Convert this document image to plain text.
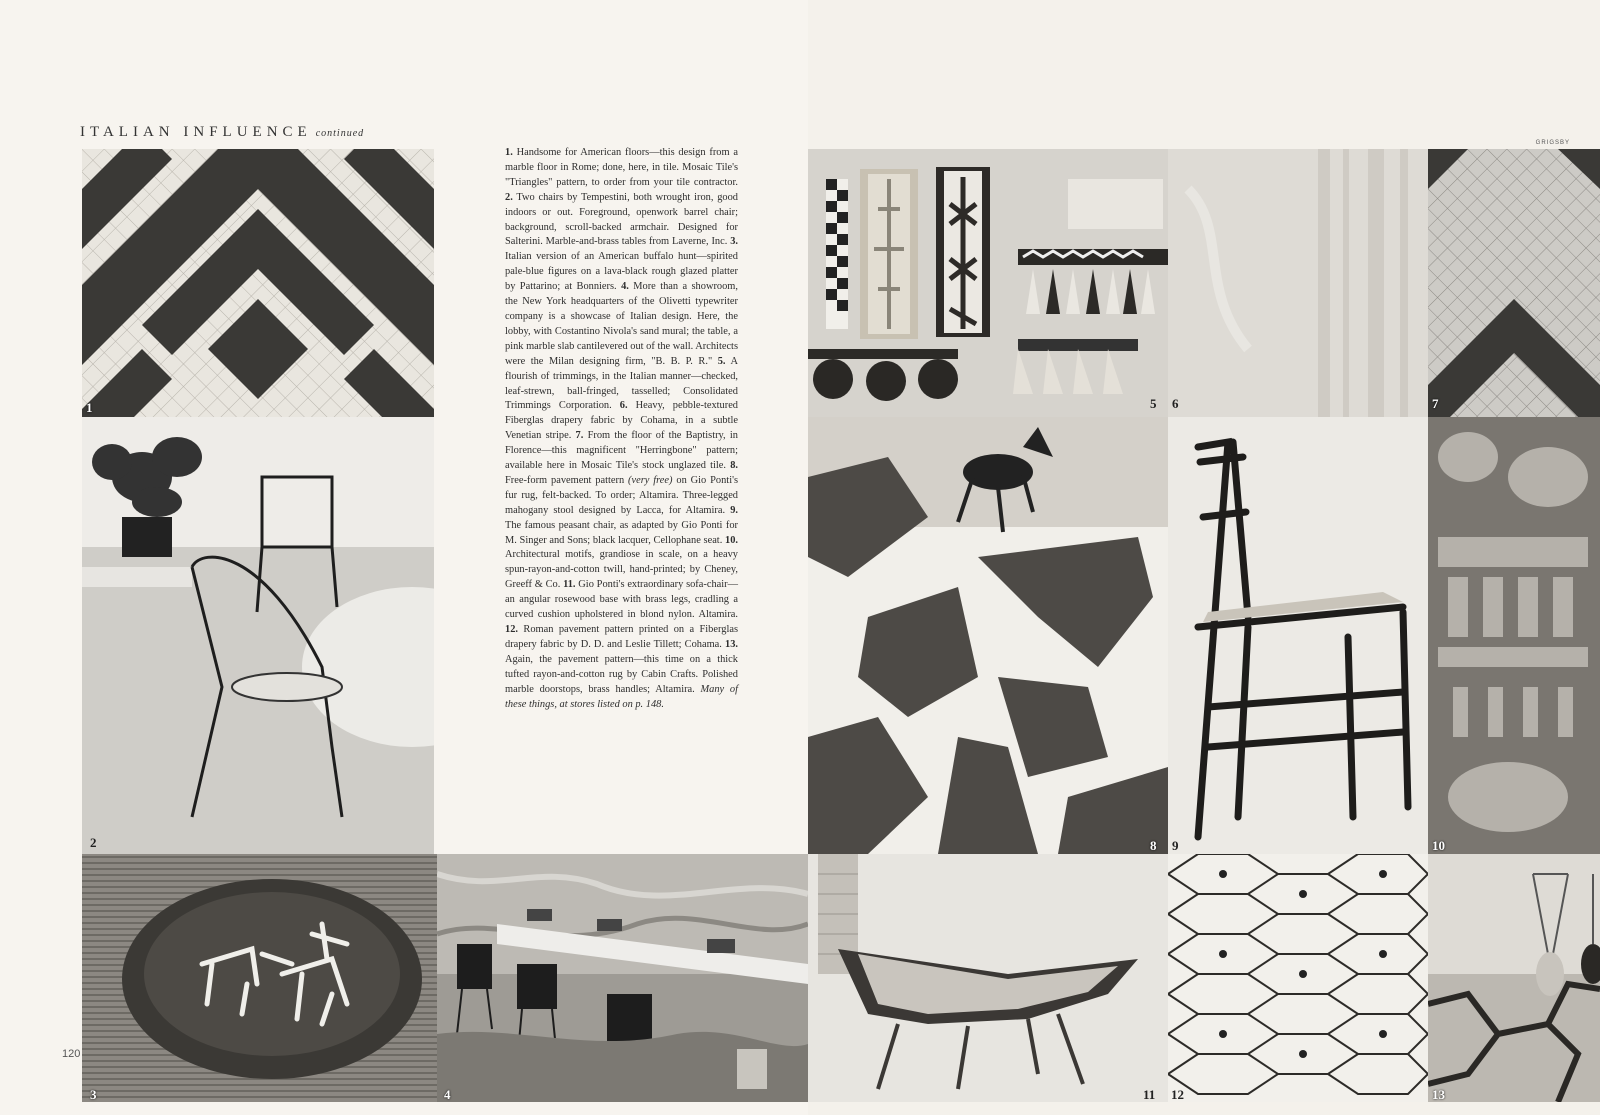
ITALIAN INFLUENCE continued
GRIGSBY
1
2
3	4
5 6	7
8 9	10
11 12	13
1. Handsome for American floors—this design from a marble floor in Rome; done, here, in tile. Mosaic Tile's "Triangles" pattern, to order from your tile contractor. 2. Two chairs by Tempestini, both wrought iron, good indoors or out. Foreground, openwork barrel chair; background, scroll-backed armchair. Designed for Salterini. Marble-and-brass tables from Laverne, Inc. 3. Italian version of an American buffalo hunt—spirited pale-blue figures on a lava-black rough glazed platter by Pattarino; at Bonniers. 4. More than a showroom, the New York headquarters of the Olivetti typewriter company is a showcase of Italian design. Here, the lobby, with Costantino Nivola's sand mural; the table, a pink marble slab cantilevered out of the wall. Architects were the Milan designing firm, "B. B. P. R." 5. A flourish of trimmings, in the Italian manner—checked, leaf-strewn, ball-fringed, tasselled; Consolidated Trimmings Corporation. 6. Heavy, pebble-textured Fiberglas drapery fabric by Cohama, in a subtle Venetian stripe. 7. From the floor of the Baptistry, in Florence—this magnificent "Herringbone" pattern; available here in Mosaic Tile's stock unglazed tile. 8. Free-form pavement pattern (very free) on Gio Ponti's fur rug, felt-backed. To order; Altamira. Three-legged mahogany stool designed by Lacca, for Altamira. 9. The famous peasant chair, as adapted by Gio Ponti for M. Singer and Sons; black lacquer, Cellophane seat. 10. Architectural motifs, grandiose in scale, on a heavy spun-rayon-and-cotton twill, hand-printed; by Cheney, Greeff & Co. 11. Gio Ponti's extraordinary sofa-chair—an angular rosewood base with brass legs, cradling a curved cushion upholstered in blond nylon. Altamira. 12. Roman pavement pattern printed on a Fiberglas drapery fabric by D. D. and Leslie Tillett; Cohama. 13. Again, the pavement pattern—this time on a thick tufted rayon-and-cotton rug by Cabin Crafts. Polished marble doorstops, brass handles; Altamira. Many of these things, at stores listed on p. 148.
120
